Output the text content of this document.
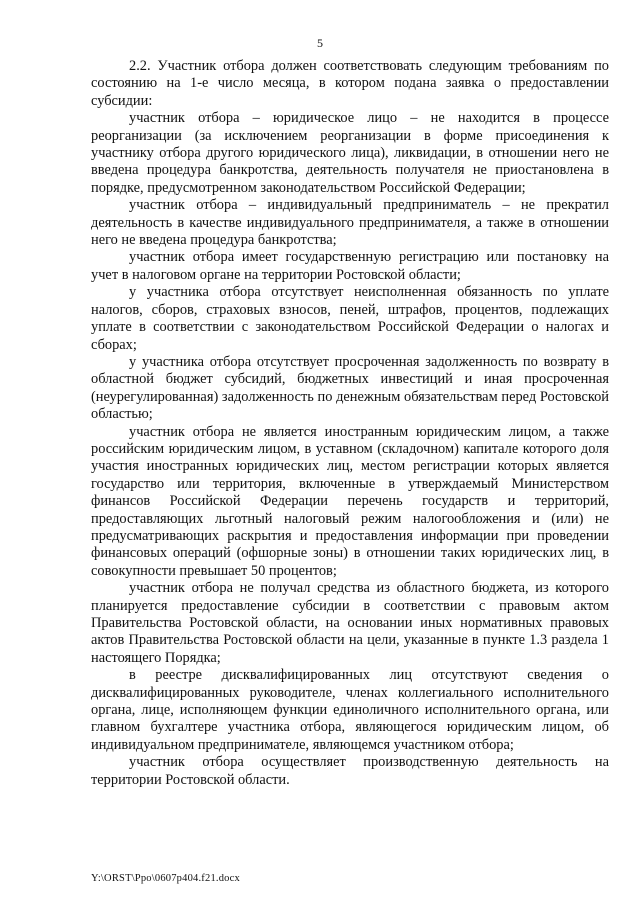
5

2.2. Участник отбора должен соответствовать следующим требованиям по состоянию на 1-е число месяца, в котором подана заявка о предоставлении субсидии:

участник отбора – юридическое лицо – не находится в процессе реорганизации (за исключением реорганизации в форме присоединения к участнику отбора другого юридического лица), ликвидации, в отношении него не введена процедура банкротства, деятельность получателя не приостановлена в порядке, предусмотренном законодательством Российской Федерации;

участник отбора – индивидуальный предприниматель – не прекратил деятельность в качестве индивидуального предпринимателя, а также в отношении него не введена процедура банкротства;

участник отбора имеет государственную регистрацию или постановку на учет в налоговом органе на территории Ростовской области;

у участника отбора отсутствует неисполненная обязанность по уплате налогов, сборов, страховых взносов, пеней, штрафов, процентов, подлежащих уплате в соответствии с законодательством Российской Федерации о налогах и сборах;

у участника отбора отсутствует просроченная задолженность по возврату в областной бюджет субсидий, бюджетных инвестиций и иная просроченная (неурегулированная) задолженность по денежным обязательствам перед Ростовской областью;

участник отбора не является иностранным юридическим лицом, а также российским юридическим лицом, в уставном (складочном) капитале которого доля участия иностранных юридических лиц, местом регистрации которых является государство или территория, включенные в утверждаемый Министерством финансов Российской Федерации перечень государств и территорий, предоставляющих льготный налоговый режим налогообложения и (или) не предусматривающих раскрытия и предоставления информации при проведении финансовых операций (офшорные зоны) в отношении таких юридических лиц, в совокупности превышает 50 процентов;

участник отбора не получал средства из областного бюджета, из которого планируется предоставление субсидии в соответствии с правовым актом Правительства Ростовской области, на основании иных нормативных правовых актов Правительства Ростовской области на цели, указанные в пункте 1.3 раздела 1 настоящего Порядка;

в реестре дисквалифицированных лиц отсутствуют сведения о дисквалифицированных руководителе, членах коллегиального исполнительного органа, лице, исполняющем функции единоличного исполнительного органа, или главном бухгалтере участника отбора, являющегося юридическим лицом, об индивидуальном предпринимателе, являющемся участником отбора;

участник отбора осуществляет производственную деятельность на территории Ростовской области.

Y:\ORST\Ppo\0607p404.f21.docx
